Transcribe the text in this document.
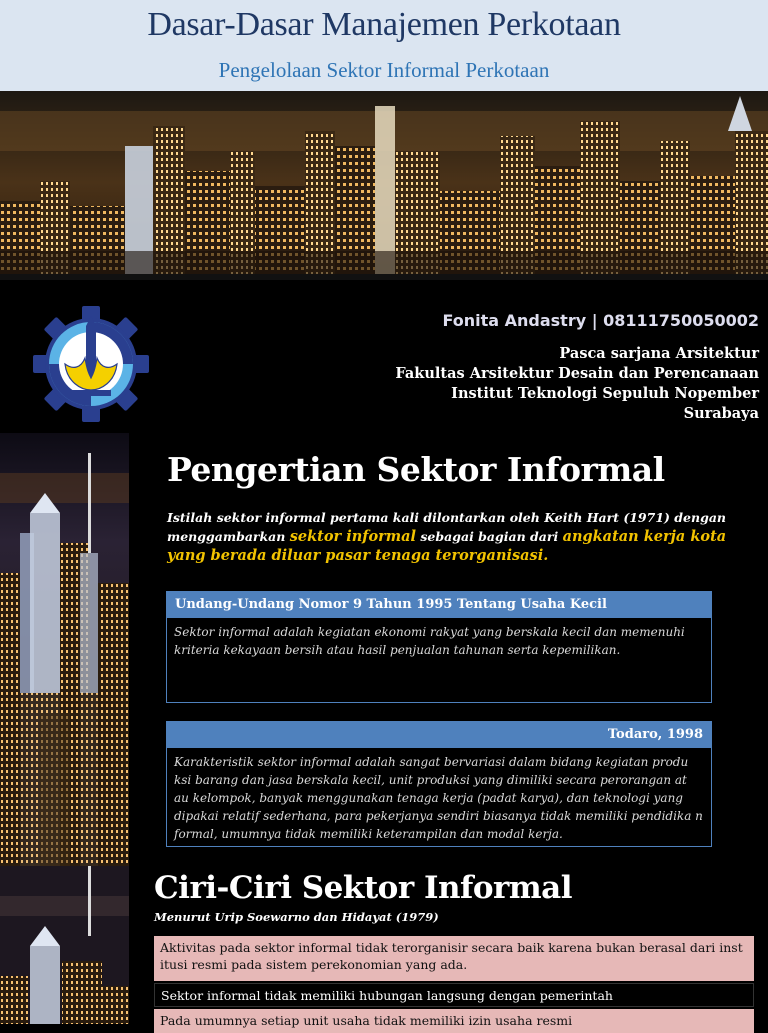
Dasar-Dasar Manajemen Perkotaan
Pengelolaan Sektor Informal Perkotaan
Fonita Andastry | 08111750050002
Pasca sarjana Arsitektur
Fakultas Arsitektur Desain dan Perencanaan
Institut Teknologi Sepuluh Nopember
Surabaya
Pengertian Sektor Informal
Istilah sektor informal pertama kali dilontarkan oleh Keith Hart (1971) dengan menggambarkan sektor informal sebagai bagian dari angkatan kerja kota yang berada diluar pasar tenaga terorganisasi.
Undang-Undang Nomor 9 Tahun 1995 Tentang Usaha Kecil
Sektor informal adalah kegiatan ekonomi rakyat yang berskala kecil dan memenuhi kriteria kekayaan bersih atau hasil penjualan tahunan serta kepemilikan.
Todaro, 1998
Karakteristik sektor informal adalah sangat bervariasi dalam bidang kegiatan produ ksi barang dan jasa berskala kecil, unit produksi yang dimiliki secara perorangan at au kelompok, banyak menggunakan tenaga kerja (padat karya), dan teknologi yang dipakai relatif sederhana, para pekerjanya sendiri biasanya tidak memiliki pendidika n formal, umumnya tidak memiliki keterampilan dan modal kerja.
Ciri-Ciri Sektor Informal
Menurut Urip Soewarno dan Hidayat (1979)
Aktivitas pada sektor informal tidak terorganisir secara baik karena bukan berasal dari inst itusi resmi pada sistem perekonomian yang ada.
Sektor informal tidak memiliki hubungan langsung dengan pemerintah
Pada umumnya setiap unit usaha tidak memiliki izin usaha resmi
